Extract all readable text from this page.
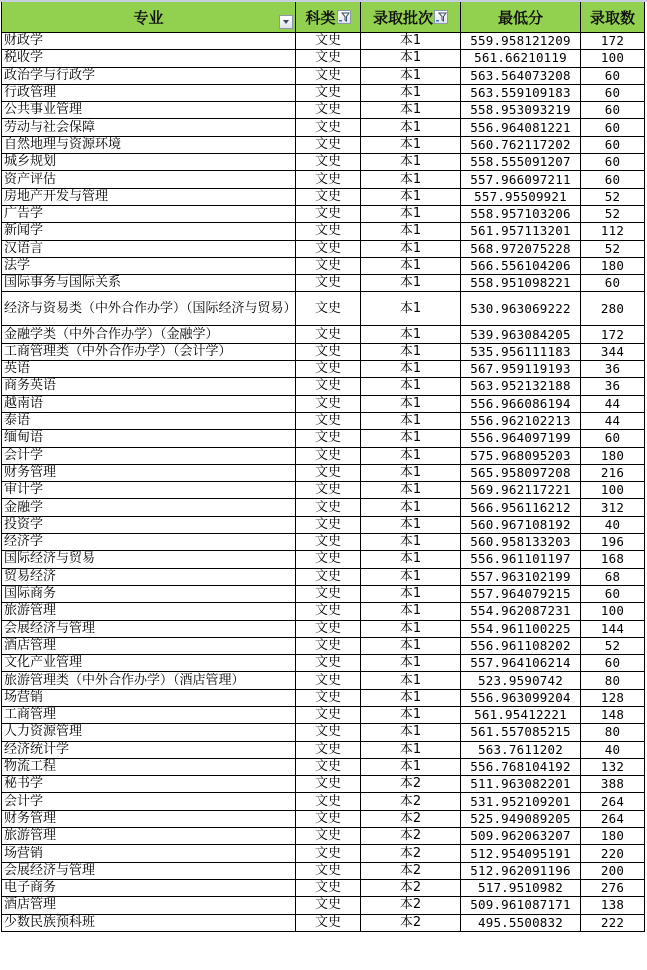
专业	科类	录取批次	最低分	录取数
财政学	文史	本1	559.958121209	172
税收学	文史	本1	561.66210119	100
政治学与行政学	文史	本1	563.564073208	60
行政管理	文史	本1	563.559109183	60
公共事业管理	文史	本1	558.953093219	60
劳动与社会保障	文史	本1	556.964081221	60
自然地理与资源环境	文史	本1	560.762117202	60
城乡规划	文史	本1	558.555091207	60
资产评估	文史	本1	557.966097211	60
房地产开发与管理	文史	本1	557.95509921	52
广告学	文史	本1	558.957103206	52
新闻学	文史	本1	561.957113201	112
汉语言	文史	本1	568.972075228	52
法学	文史	本1	566.556104206	180
国际事务与国际关系	文史	本1	558.951098221	60
经济与资易类（中外合作办学）（国际经济与贸易）	文史	本1	530.963069222	280
金融学类（中外合作办学）（金融学）	文史	本1	539.963084205	172
工商管理类（中外合作办学）（会计学）	文史	本1	535.956111183	344
英语	文史	本1	567.959119193	36
商务英语	文史	本1	563.952132188	36
越南语	文史	本1	556.966086194	44
泰语	文史	本1	556.962102213	44
缅甸语	文史	本1	556.964097199	60
会计学	文史	本1	575.968095203	180
财务管理	文史	本1	565.958097208	216
审计学	文史	本1	569.962117221	100
金融学	文史	本1	566.956116212	312
投资学	文史	本1	560.967108192	40
经济学	文史	本1	560.958133203	196
国际经济与贸易	文史	本1	556.961101197	168
贸易经济	文史	本1	557.963102199	68
国际商务	文史	本1	557.964079215	60
旅游管理	文史	本1	554.962087231	100
会展经济与管理	文史	本1	554.961100225	144
酒店管理	文史	本1	556.961108202	52
文化产业管理	文史	本1	557.964106214	60
旅游管理类（中外合作办学）（酒店管理）	文史	本1	523.9590742	80
场营销	文史	本1	556.963099204	128
工商管理	文史	本1	561.95412221	148
人力资源管理	文史	本1	561.557085215	80
经济统计学	文史	本1	563.7611202	40
物流工程	文史	本1	556.768104192	132
秘书学	文史	本2	511.963082201	388
会计学	文史	本2	531.952109201	264
财务管理	文史	本2	525.949089205	264
旅游管理	文史	本2	509.962063207	180
场营销	文史	本2	512.954095191	220
会展经济与管理	文史	本2	512.962091196	200
电子商务	文史	本2	517.9510982	276
酒店管理	文史	本2	509.961087171	138
少数民族预科班	文史	本2	495.5500832	222
